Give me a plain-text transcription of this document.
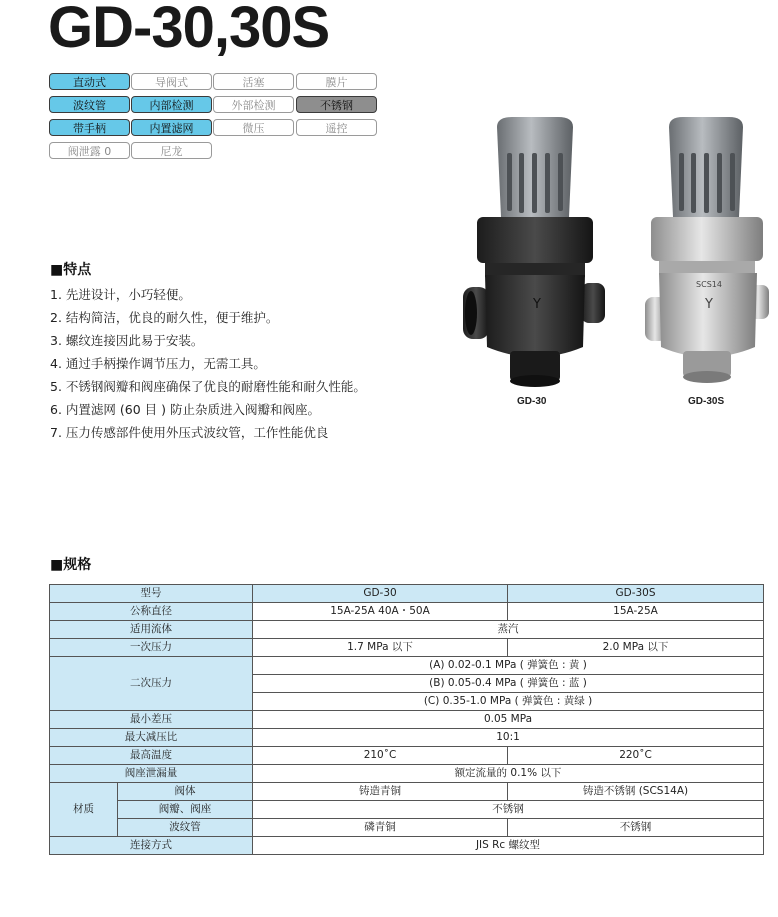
GD-30,30S
直动式	导阀式	活塞	膜片
波纹管	内部检测	外部检测	不锈钢
带手柄	内置滤网	微压	遥控
阀泄露 0	尼龙
■特点
1. 先进设计，小巧轻便。
2. 结构简洁，优良的耐久性，便于维护。
3. 螺纹连接因此易于安装。
4. 通过手柄操作调节压力，无需工具。
5. 不锈钢阀瓣和阀座确保了优良的耐磨性能和耐久性能。
6. 内置滤网 (60 目 ) 防止杂质进入阀瓣和阀座。
7. 压力传感部件使用外压式波纹管，工作性能优良
Y
GD-30
SCS14
Y
GD-30S
■规格
型号		GD-30	GD-30S
公称直径		15A-25A 40A・50A	15A-25A
适用流体		蒸汽	
一次压力		1.7 MPa 以下	2.0 MPa 以下
二次压力		(A) 0.02-0.1 MPa ( 弹簧色 : 黄 )	
		(B) 0.05-0.4 MPa ( 弹簧色 : 蓝 )	
		(C) 0.35-1.0 MPa ( 弹簧色 : 黄绿 )	
最小差压		0.05 MPa	
最大减压比		10:1	
最高温度		210˚C	220˚C
阀座泄漏量		额定流量的 0.1% 以下	
材质	阀体	铸造青铜	铸造不锈钢 (SCS14A)
	阀瓣、阀座	不锈钢	
	波纹管	磷青铜	不锈钢
连接方式		JIS Rc 螺纹型	
